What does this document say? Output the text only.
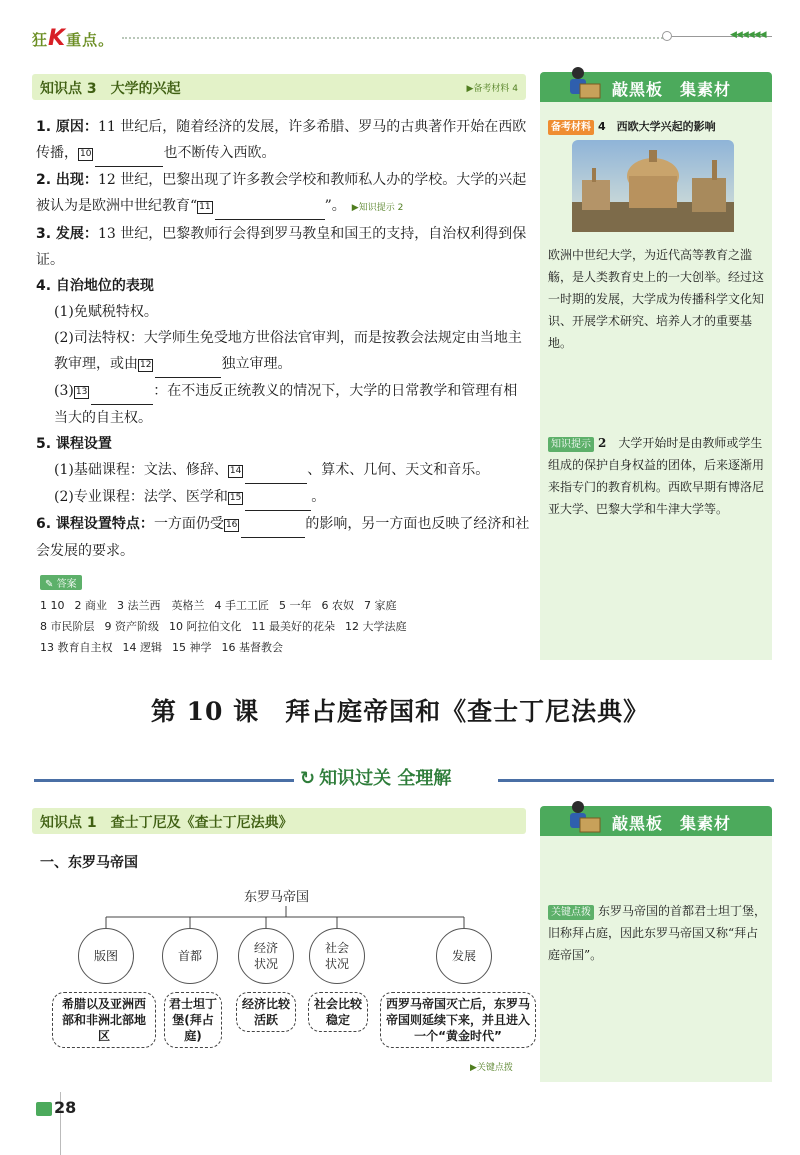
狂K重点。	◀◀◀◀◀◀
知识点 3　大学的兴起	▶备考材料 4

1. 原因：11 世纪后，随着经济的发展，许多希腊、罗马的古典著作开始在西欧传播， 10	也不断传入西欧。

2. 出现：12 世纪，巴黎出现了许多教会学校和教师私人办的学校。大学的兴起被认为是欧洲中世纪教育“ 11	”。 ▶知识提示 2

3. 发展：13 世纪，巴黎教师行会得到罗马教皇和国王的支持，自治权利得到保证。

4. 自治地位的表现

(1)免赋税特权。

(2)司法特权：大学师生免受地方世俗法官审判，而是按教会法规定由当地主教审理，或由 12	独立审理。

(3) 13	：在不违反正统教义的情况下，大学的日常教学和管理有相当大的自主权。

5. 课程设置

(1)基础课程：文法、修辞、 14	、算术、几何、天文和音乐。

(2)专业课程：法学、医学和 15	。

6. 课程设置特点：一方面仍受 16	的影响，另一方面也反映了经济和社会发展的要求。

✎ 答案
1 10 2 商业 3 法兰西　英格兰 4 手工工匠 5 一年 6 农奴 7 家庭
8 市民阶层 9 资产阶级 10 阿拉伯文化 11 最美好的花朵 12 大学法庭
13 教育自主权 14 逻辑 15 神学 16 基督教会
敲黑板　集素材
备考材料 4　西欧大学兴起的影响
欧洲中世纪大学，为近代高等教育之滥觞，是人类教育史上的一大创举。经过这一时期的发展，大学成为传播科学文化知识、开展学术研究、培养人才的重要基地。
知识提示 2　 大学开始时是由教师或学生组成的保护自身权益的团体，后来逐渐用来指专门的教育机构。西欧早期有博洛尼亚大学、巴黎大学和牛津大学等。
第 10 课　拜占庭帝国和《查士丁尼法典》
↻ 知识过关 全理解
知识点 1　查士丁尼及《查士丁尼法典》	敲黑板　集素材
关键点拨 东罗马帝国的首都君士坦丁堡，旧称拜占庭，因此东罗马帝国又称“拜占庭帝国”。
一、东罗马帝国
东罗马帝国
版图	首都
经济状况
社会状况
发展
希腊以及亚洲西部和非洲北部地区
君士坦丁堡(拜占庭)
经济比较活跃
社会比较稳定
西罗马帝国灭亡后，东罗马帝国则延续下来，并且进入一个“黄金时代”
▶关键点拨
28
